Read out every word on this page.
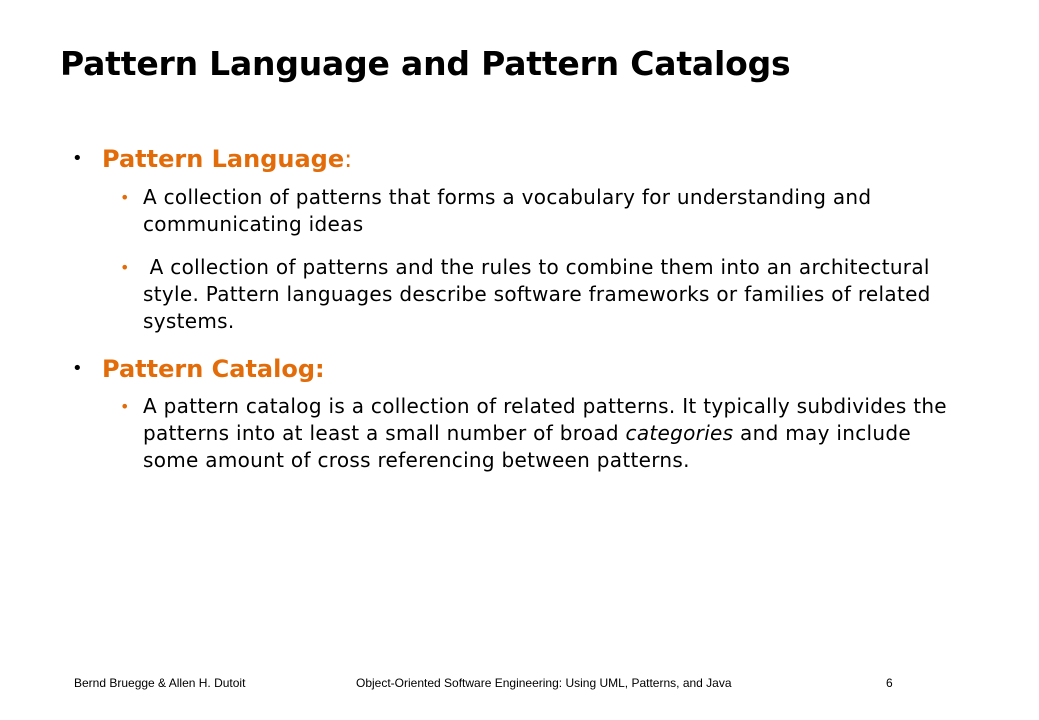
Pattern Language and Pattern Catalogs
• Pattern Language:
• A collection of patterns that forms a vocabulary for understanding and communicating ideas
• A collection of patterns and the rules to combine them into an architectural style. Pattern languages describe software frameworks or families of related systems.
• Pattern Catalog:
• A pattern catalog is a collection of related patterns. It typically subdivides the patterns into at least a small number of broad categories and may include some amount of cross referencing between patterns.
Bernd Bruegge & Allen H. Dutoit	Object-Oriented Software Engineering: Using UML, Patterns, and Java	6
